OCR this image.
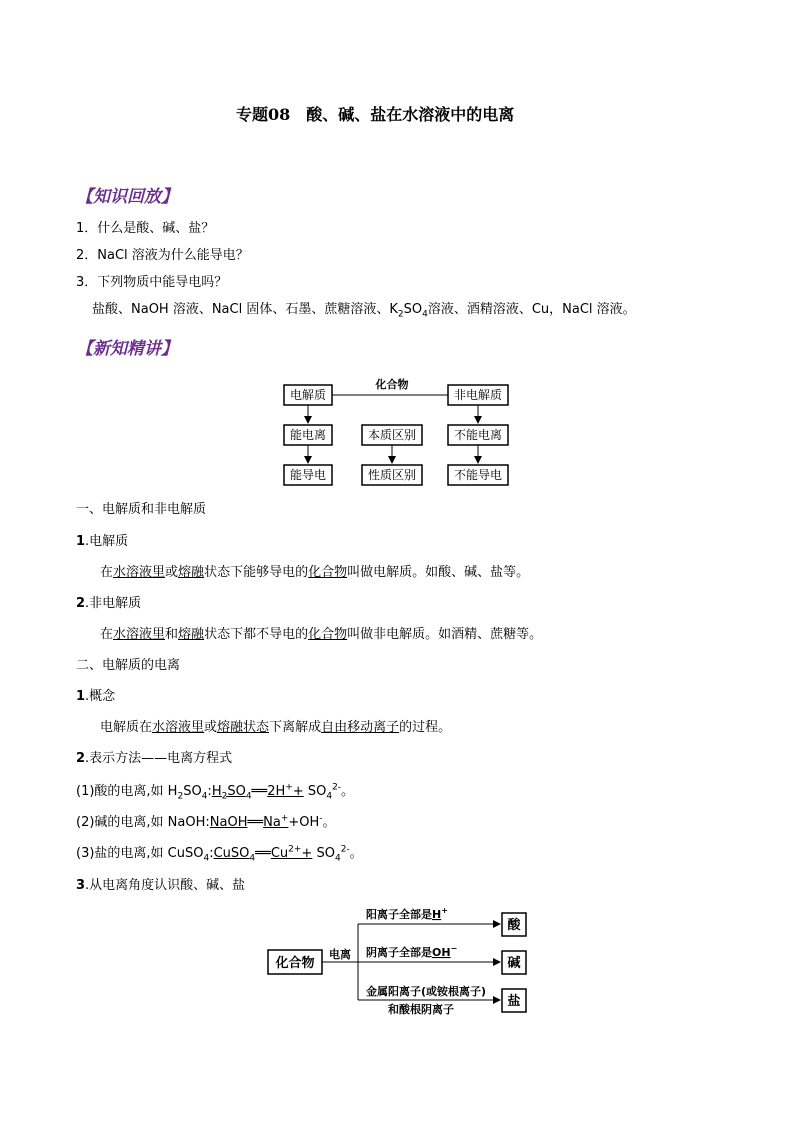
专题08　酸、碱、盐在水溶液中的电离
【知识回放】
1．什么是酸、碱、盐？
2．NaCl 溶液为什么能导电？
3．下列物质中能导电吗？
盐酸、NaOH 溶液、NaCl 固体、石墨、蔗糖溶液、$K_2SO_4$溶液、酒精溶液、Cu，NaCl 溶液。
【新知精讲】
化合物
电解质	非电解质
能电离	本质区别	不能电离
能导电	性质区别	不能导电
一、电解质和非电解质
1.电解质
在水溶液里或熔融状态下能够导电的化合物叫做电解质。如酸、碱、盐等。
2.非电解质
在水溶液里和熔融状态下都不导电的化合物叫做非电解质。如酒精、蔗糖等。
二、电解质的电离
1.概念
电解质在水溶液里或熔融状态下离解成自由移动离子的过程。
2.表示方法——电离方程式
(1)酸的电离,如 $H_2SO_4:H_2SO_4══2H^++ SO_4^{2-}$。
(2)碱的电离,如 NaOH:NaOH══Na++OH-。
(3)盐的电离,如 $CuSO_4:CuSO_4══Cu^{2+}+ SO_4^{2-}$。
3.从电离角度认识酸、碱、盐
化合物
电离
阳离子全部是H+
酸
阴离子全部是OH−
碱
金属阳离子(或铵根离子)
和酸根阴离子
盐
